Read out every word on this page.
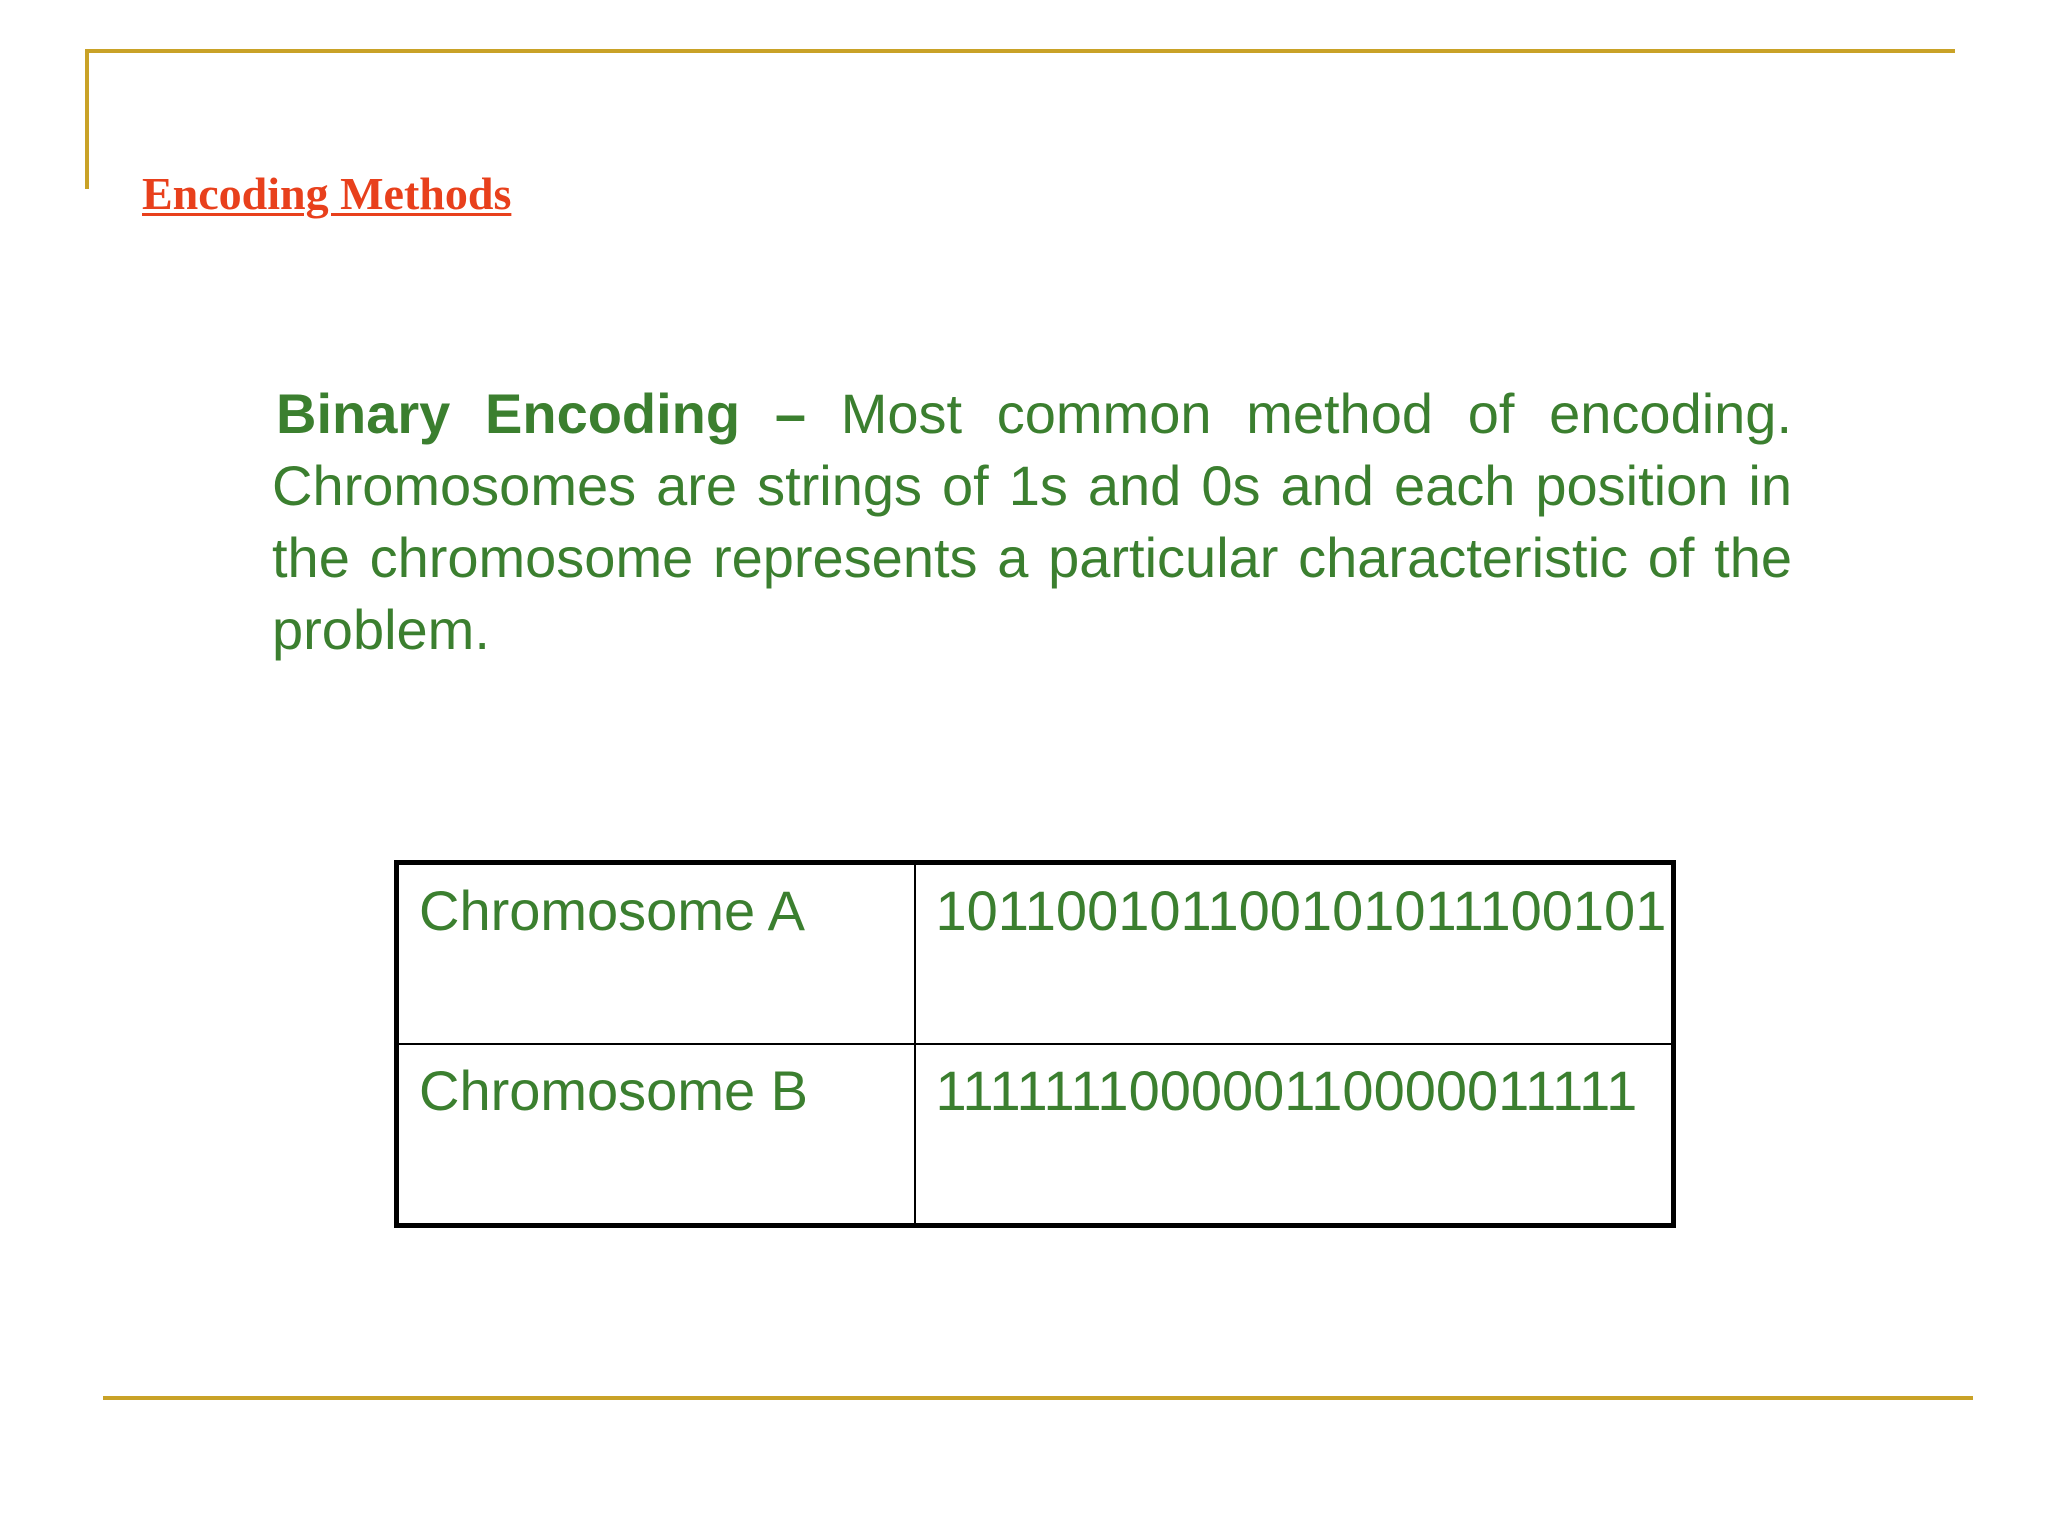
Encoding Methods

Binary Encoding – Most common method of encoding. Chromosomes are strings of 1s and 0s and each position in the chromosome represents a particular characteristic of the problem.

Chromosome A	101100101100101011100101
Chromosome B	111111100000110000011111
